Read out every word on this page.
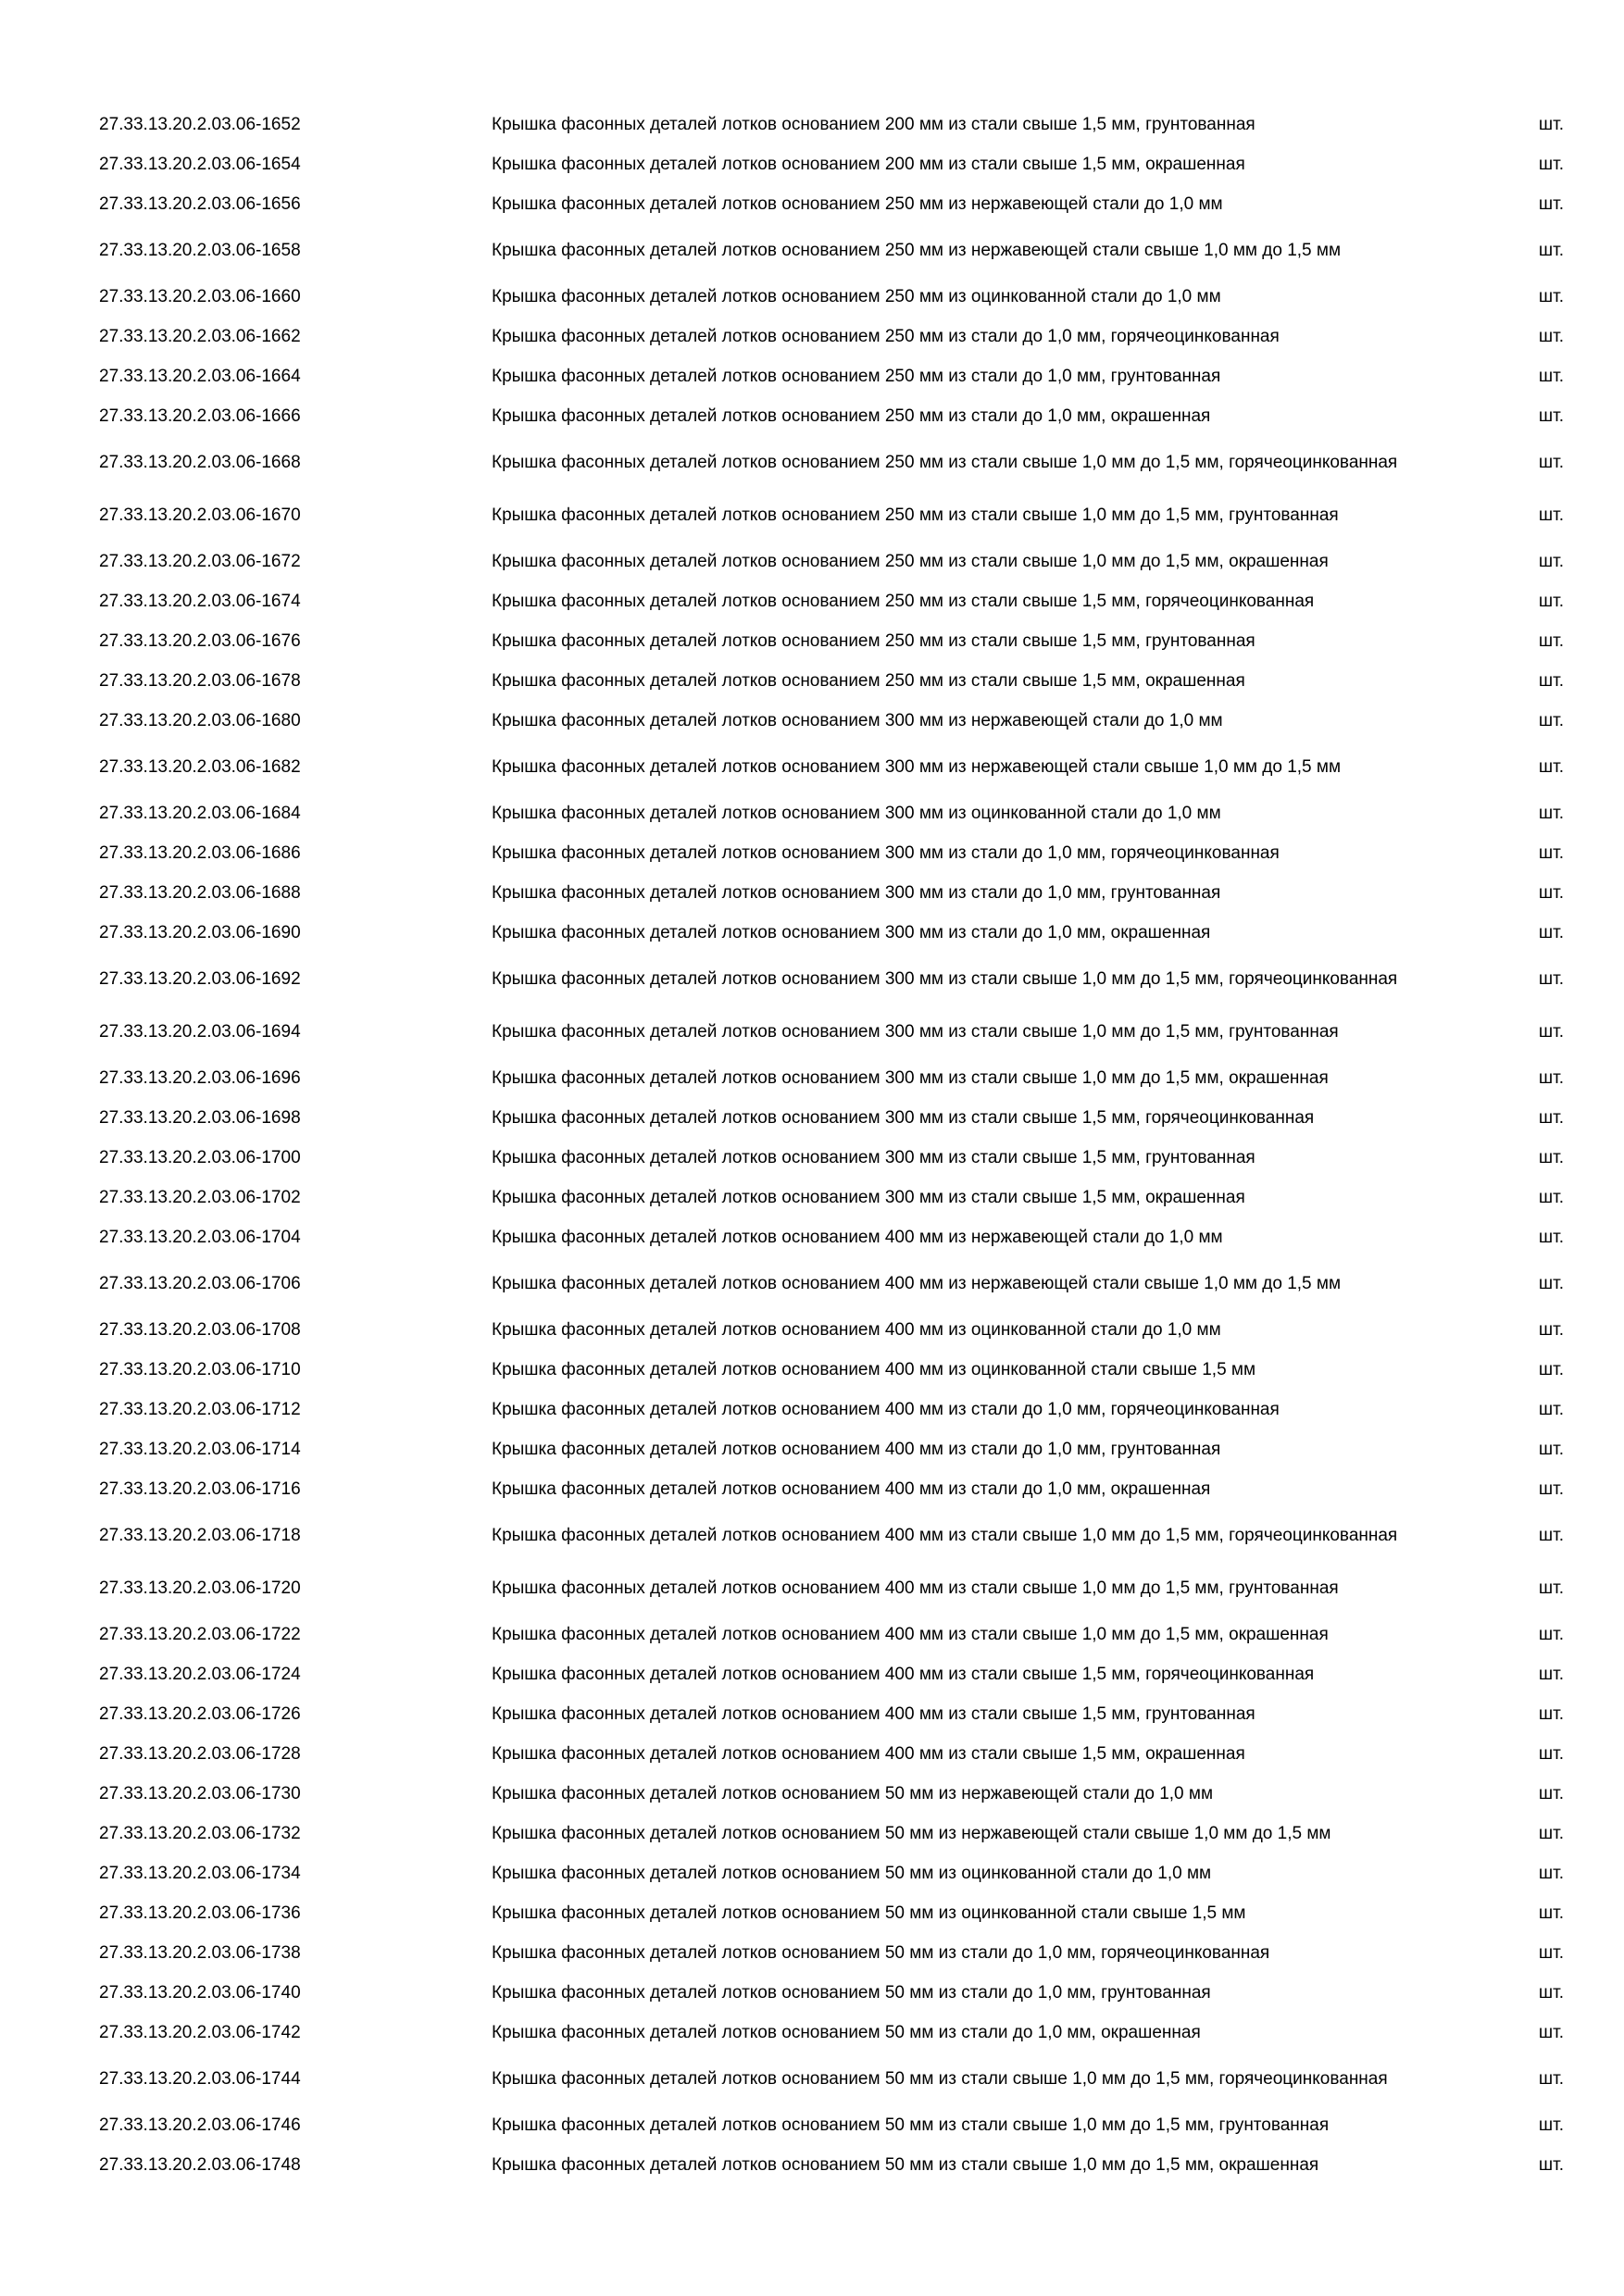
27.33.13.20.2.03.06-1652	Крышка фасонных деталей лотков основанием 200 мм из стали свыше 1,5 мм, грунтованная	шт.
27.33.13.20.2.03.06-1654	Крышка фасонных деталей лотков основанием 200 мм из стали свыше 1,5 мм, окрашенная	шт.
27.33.13.20.2.03.06-1656	Крышка фасонных деталей лотков основанием 250 мм из нержавеющей стали до 1,0 мм	шт.
27.33.13.20.2.03.06-1658	Крышка фасонных деталей лотков основанием 250 мм из нержавеющей стали свыше 1,0 мм до 1,5 мм	шт.
27.33.13.20.2.03.06-1660	Крышка фасонных деталей лотков основанием 250 мм из оцинкованной стали до 1,0 мм	шт.
27.33.13.20.2.03.06-1662	Крышка фасонных деталей лотков основанием 250 мм из стали до 1,0 мм, горячеоцинкованная	шт.
27.33.13.20.2.03.06-1664	Крышка фасонных деталей лотков основанием 250 мм из стали до 1,0 мм, грунтованная	шт.
27.33.13.20.2.03.06-1666	Крышка фасонных деталей лотков основанием 250 мм из стали до 1,0 мм, окрашенная	шт.
27.33.13.20.2.03.06-1668	Крышка фасонных деталей лотков основанием 250 мм из стали свыше 1,0 мм до 1,5 мм, горячеоцинкованная	шт.
27.33.13.20.2.03.06-1670	Крышка фасонных деталей лотков основанием 250 мм из стали свыше 1,0 мм до 1,5 мм, грунтованная	шт.
27.33.13.20.2.03.06-1672	Крышка фасонных деталей лотков основанием 250 мм из стали свыше 1,0 мм до 1,5 мм, окрашенная	шт.
27.33.13.20.2.03.06-1674	Крышка фасонных деталей лотков основанием 250 мм из стали свыше 1,5 мм, горячеоцинкованная	шт.
27.33.13.20.2.03.06-1676	Крышка фасонных деталей лотков основанием 250 мм из стали свыше 1,5 мм, грунтованная	шт.
27.33.13.20.2.03.06-1678	Крышка фасонных деталей лотков основанием 250 мм из стали свыше 1,5 мм, окрашенная	шт.
27.33.13.20.2.03.06-1680	Крышка фасонных деталей лотков основанием 300 мм из нержавеющей стали до 1,0 мм	шт.
27.33.13.20.2.03.06-1682	Крышка фасонных деталей лотков основанием 300 мм из нержавеющей стали свыше 1,0 мм до 1,5 мм	шт.
27.33.13.20.2.03.06-1684	Крышка фасонных деталей лотков основанием 300 мм из оцинкованной стали до 1,0 мм	шт.
27.33.13.20.2.03.06-1686	Крышка фасонных деталей лотков основанием 300 мм из стали до 1,0 мм, горячеоцинкованная	шт.
27.33.13.20.2.03.06-1688	Крышка фасонных деталей лотков основанием 300 мм из стали до 1,0 мм, грунтованная	шт.
27.33.13.20.2.03.06-1690	Крышка фасонных деталей лотков основанием 300 мм из стали до 1,0 мм, окрашенная	шт.
27.33.13.20.2.03.06-1692	Крышка фасонных деталей лотков основанием 300 мм из стали свыше 1,0 мм до 1,5 мм, горячеоцинкованная	шт.
27.33.13.20.2.03.06-1694	Крышка фасонных деталей лотков основанием 300 мм из стали свыше 1,0 мм до 1,5 мм, грунтованная	шт.
27.33.13.20.2.03.06-1696	Крышка фасонных деталей лотков основанием 300 мм из стали свыше 1,0 мм до 1,5 мм, окрашенная	шт.
27.33.13.20.2.03.06-1698	Крышка фасонных деталей лотков основанием 300 мм из стали свыше 1,5 мм, горячеоцинкованная	шт.
27.33.13.20.2.03.06-1700	Крышка фасонных деталей лотков основанием 300 мм из стали свыше 1,5 мм, грунтованная	шт.
27.33.13.20.2.03.06-1702	Крышка фасонных деталей лотков основанием 300 мм из стали свыше 1,5 мм, окрашенная	шт.
27.33.13.20.2.03.06-1704	Крышка фасонных деталей лотков основанием 400 мм из нержавеющей стали до 1,0 мм	шт.
27.33.13.20.2.03.06-1706	Крышка фасонных деталей лотков основанием 400 мм из нержавеющей стали свыше 1,0 мм до 1,5 мм	шт.
27.33.13.20.2.03.06-1708	Крышка фасонных деталей лотков основанием 400 мм из оцинкованной стали до 1,0 мм	шт.
27.33.13.20.2.03.06-1710	Крышка фасонных деталей лотков основанием 400 мм из оцинкованной стали свыше 1,5 мм	шт.
27.33.13.20.2.03.06-1712	Крышка фасонных деталей лотков основанием 400 мм из стали до 1,0 мм, горячеоцинкованная	шт.
27.33.13.20.2.03.06-1714	Крышка фасонных деталей лотков основанием 400 мм из стали до 1,0 мм, грунтованная	шт.
27.33.13.20.2.03.06-1716	Крышка фасонных деталей лотков основанием 400 мм из стали до 1,0 мм, окрашенная	шт.
27.33.13.20.2.03.06-1718	Крышка фасонных деталей лотков основанием 400 мм из стали свыше 1,0 мм до 1,5 мм, горячеоцинкованная	шт.
27.33.13.20.2.03.06-1720	Крышка фасонных деталей лотков основанием 400 мм из стали свыше 1,0 мм до 1,5 мм, грунтованная	шт.
27.33.13.20.2.03.06-1722	Крышка фасонных деталей лотков основанием 400 мм из стали свыше 1,0 мм до 1,5 мм, окрашенная	шт.
27.33.13.20.2.03.06-1724	Крышка фасонных деталей лотков основанием 400 мм из стали свыше 1,5 мм, горячеоцинкованная	шт.
27.33.13.20.2.03.06-1726	Крышка фасонных деталей лотков основанием 400 мм из стали свыше 1,5 мм, грунтованная	шт.
27.33.13.20.2.03.06-1728	Крышка фасонных деталей лотков основанием 400 мм из стали свыше 1,5 мм, окрашенная	шт.
27.33.13.20.2.03.06-1730	Крышка фасонных деталей лотков основанием 50 мм из нержавеющей стали до 1,0 мм	шт.
27.33.13.20.2.03.06-1732	Крышка фасонных деталей лотков основанием 50 мм из нержавеющей стали свыше 1,0 мм до 1,5 мм	шт.
27.33.13.20.2.03.06-1734	Крышка фасонных деталей лотков основанием 50 мм из оцинкованной стали до 1,0 мм	шт.
27.33.13.20.2.03.06-1736	Крышка фасонных деталей лотков основанием 50 мм из оцинкованной стали свыше 1,5 мм	шт.
27.33.13.20.2.03.06-1738	Крышка фасонных деталей лотков основанием 50 мм из стали до 1,0 мм, горячеоцинкованная	шт.
27.33.13.20.2.03.06-1740	Крышка фасонных деталей лотков основанием 50 мм из стали до 1,0 мм, грунтованная	шт.
27.33.13.20.2.03.06-1742	Крышка фасонных деталей лотков основанием 50 мм из стали до 1,0 мм, окрашенная	шт.
27.33.13.20.2.03.06-1744	Крышка фасонных деталей лотков основанием 50 мм из стали свыше 1,0 мм до 1,5 мм, горячеоцинкованная	шт.
27.33.13.20.2.03.06-1746	Крышка фасонных деталей лотков основанием 50 мм из стали свыше 1,0 мм до 1,5 мм, грунтованная	шт.
27.33.13.20.2.03.06-1748	Крышка фасонных деталей лотков основанием 50 мм из стали свыше 1,0 мм до 1,5 мм, окрашенная	шт.
